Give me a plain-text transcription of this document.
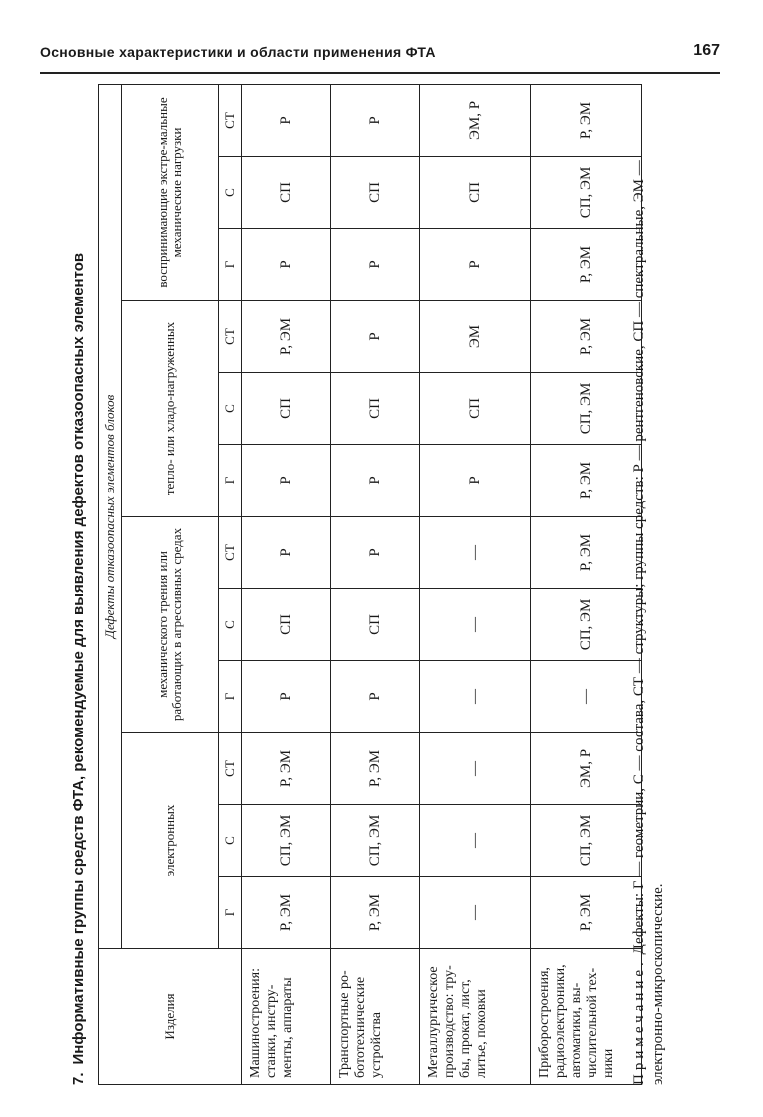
Основные характеристики и области применения ФТА	167
7.Информативные группы средств ФТА, рекомендуемые для выявления дефектов отказоопасных элементов	Изделия	Дефекты отказоопасных элементов блоков											
	электронных			механического трения или работающих в агрессивных средах			тепло- или хладо-нагруженных			воспринимающие экстре-мальные механические нагрузки		
	Г	С	СТ	Г	С	СТ	Г	С	СТ	Г	С	СТ
Машиностроения: станки, инстру-менты, аппараты	Р, ЭМ	СП, ЭМ	Р, ЭМ	Р	СП	Р	Р	СП	Р, ЭМ	Р	СП	Р
Транспортные ро-бототехнические устройства	Р, ЭМ	СП, ЭМ	Р, ЭМ	Р	СП	Р	Р	СП	Р	Р	СП	Р
Металлургическое производство: тру-бы, прокат, лист, литье, поковки	—	—	—	—	—	—	Р	СП	ЭМ	Р	СП	ЭМ, Р
Приборостроения, радиоэлектроники, автоматики, вы-числительной тех-ники	Р, ЭМ	СП, ЭМ	ЭМ, Р	—	СП, ЭМ	Р, ЭМ	Р, ЭМ	СП, ЭМ	Р, ЭМ	Р, ЭМ	СП, ЭМ	Р, ЭМ
Примечание. Дефекты: Г — геометрии, С — состава, СТ — структуры; группы средств: Р — рентгеновские, СП — спектральные, ЭМ — электронно-микроскопические.
